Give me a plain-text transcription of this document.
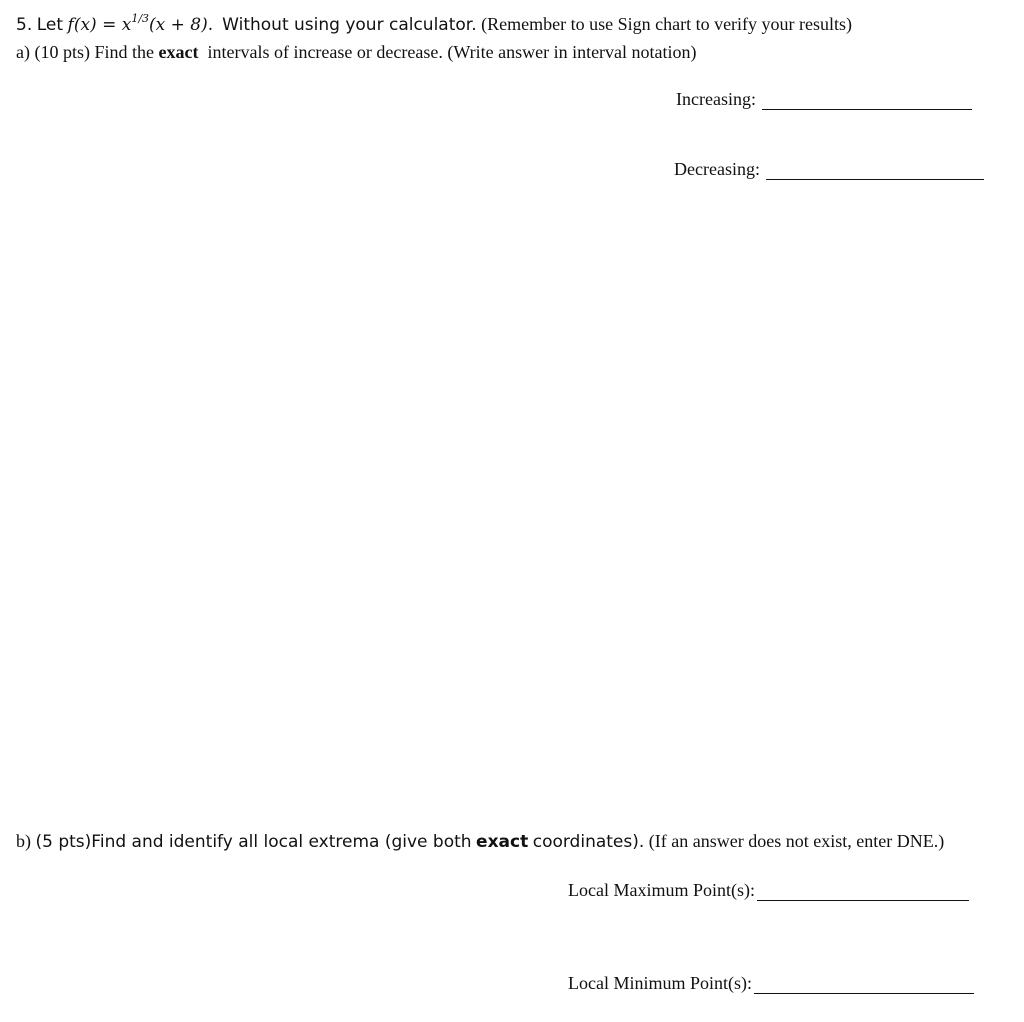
5. Let $f(x) = x^{1/3}(x + 8)$. Without using your calculator. (Remember to use Sign chart to verify your results)
a) (10 pts) Find the exact intervals of increase or decrease. (Write answer in interval notation)
Increasing:
Decreasing:
b) (5 pts)Find and identify all local extrema (give both exact coordinates). (If an answer does not exist, enter DNE.)
Local Maximum Point(s):
Local Minimum Point(s):
